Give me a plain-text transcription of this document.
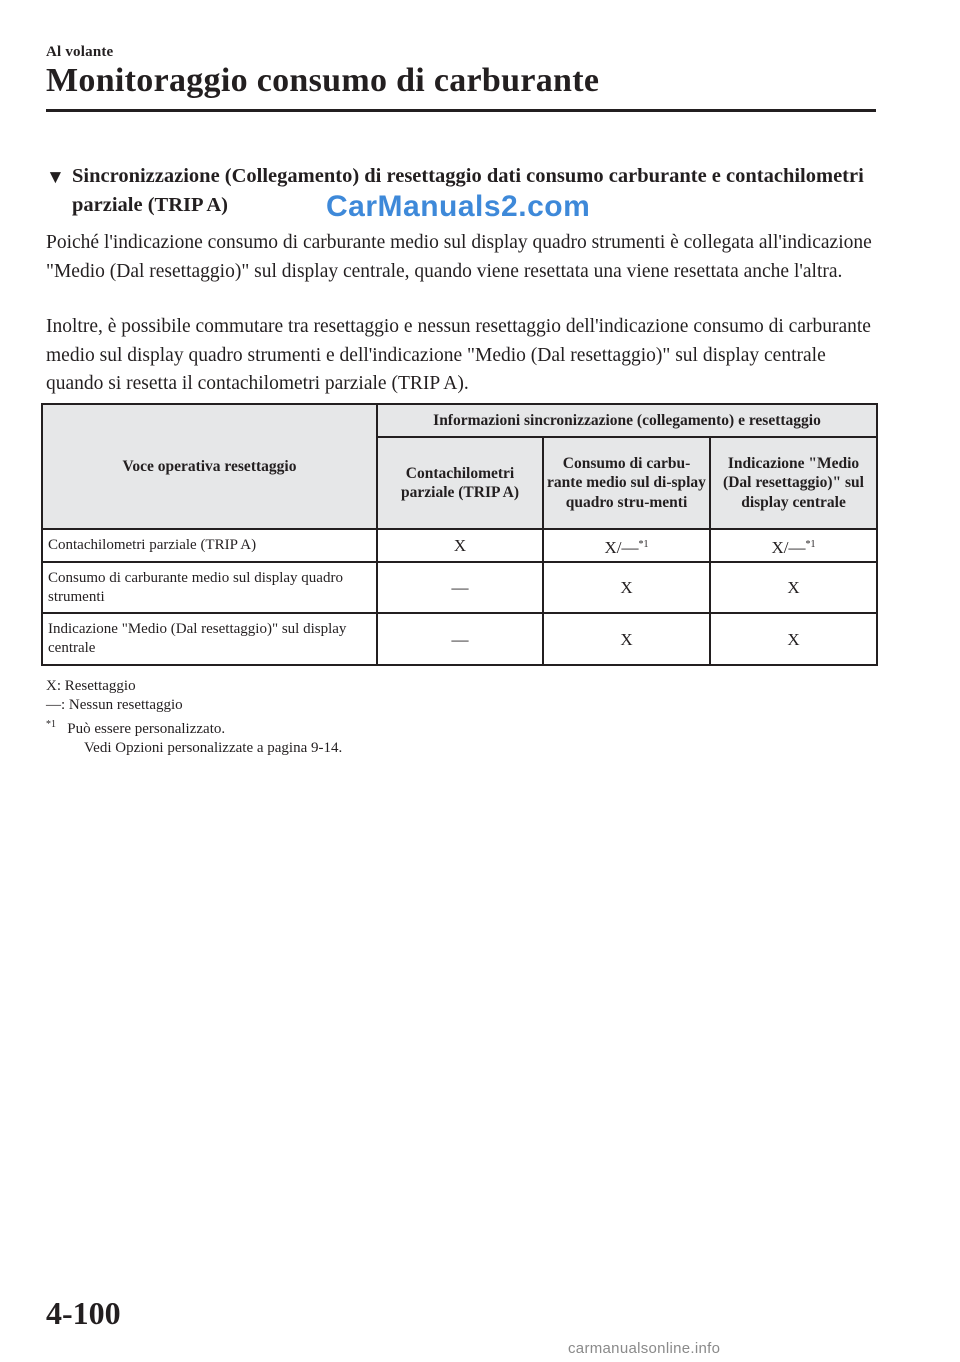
Al volante
Monitoraggio consumo di carburante
▼ Sincronizzazione (Collegamento) di resettaggio dati consumo carburante e contachilometri parziale (TRIP A)	CarManuals2.com

Poiché l'indicazione consumo di carburante medio sul display quadro strumenti è collegata all'indicazione "Medio (Dal resettaggio)" sul display centrale, quando viene resettata una viene resettata anche l'altra.

Inoltre, è possibile commutare tra resettaggio e nessun resettaggio dell'indicazione consumo di carburante medio sul display quadro strumenti e dell'indicazione "Medio (Dal resettaggio)" sul display centrale quando si resetta il contachilometri parziale (TRIP A).

Voce operativa resettaggio	Informazioni sincronizzazione (collegamento) e resettaggio		
	Contachilometri parziale (TRIP A)	Consumo di carbu-rante medio sul di-splay quadro stru-menti	Indicazione "Medio (Dal resettaggio)" sul display centrale
Contachilometri parziale (TRIP A)	X	X/—$^{*1}$	X/—$^{*1}$
Consumo di carburante medio sul display quadro strumenti	—	X	X
Indicazione "Medio (Dal resettaggio)" sul display centrale	—	X	X
X: Resettaggio
—: Nessun resettaggio
$^{*1}$ Può essere personalizzato.
Vedi Opzioni personalizzate a pagina 9-14.
4-100
carmanualsonline.info
